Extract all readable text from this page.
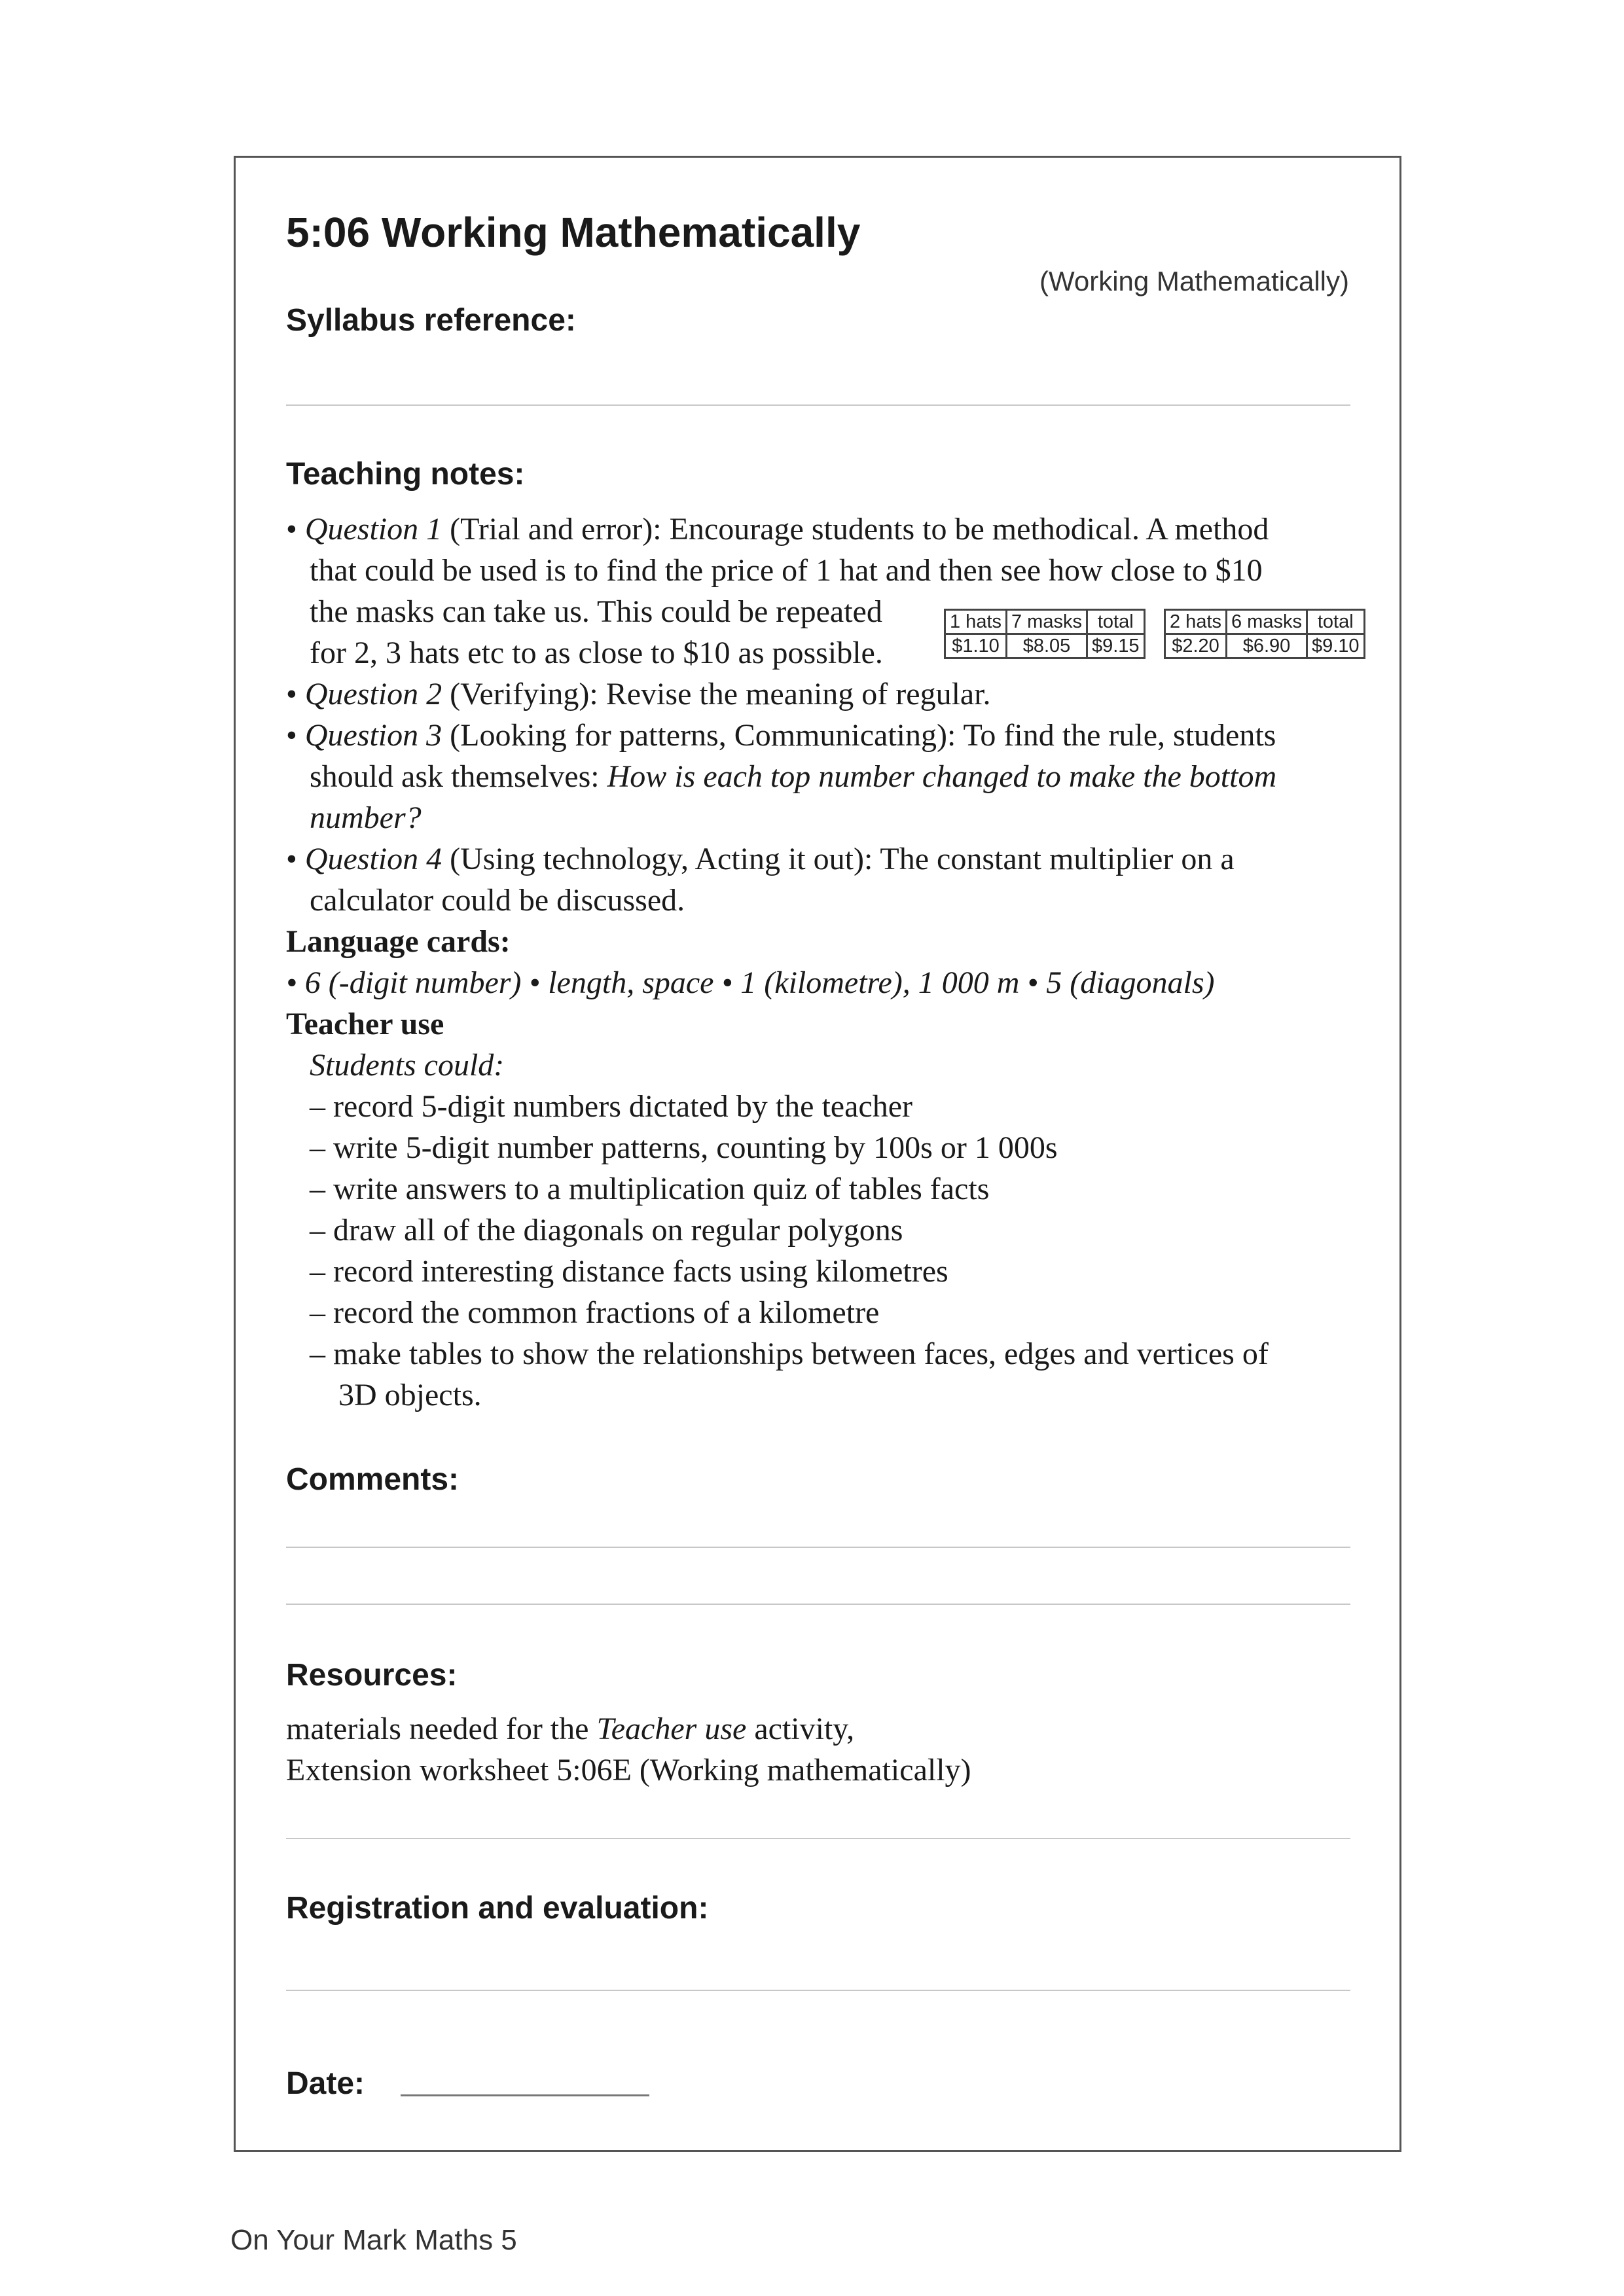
5:06 Working Mathematically
(Working Mathematically)
Syllabus reference:
Teaching notes:
• Question 1 (Trial and error): Encourage students to be methodical. A method
that could be used is to find the price of 1 hat and then see how close to $10
the masks can take us. This could be repeated
for 2, 3 hats etc to as close to $10 as possible.
• Question 2 (Verifying): Revise the meaning of regular.
• Question 3 (Looking for patterns, Communicating): To find the rule, students
should ask themselves: How is each top number changed to make the bottom
number?
• Question 4 (Using technology, Acting it out): The constant multiplier on a
calculator could be discussed.
Language cards:
• 6 (-digit number) • length, space • 1 (kilometre), 1 000 m • 5 (diagonals)
Teacher use
Students could:
– record 5-digit numbers dictated by the teacher
– write 5-digit number patterns, counting by 100s or 1 000s
– write answers to a multiplication quiz of tables facts
– draw all of the diagonals on regular polygons
– record interesting distance facts using kilometres
– record the common fractions of a kilometre
– make tables to show the relationships between faces, edges and vertices of
3D objects.
1 hats	7 masks	total
$1.10	$8.05	$9.15
2 hats	6 masks	total
$2.20	$6.90	$9.10
Comments:
Resources:
materials needed for the Teacher use activity,
Extension worksheet 5:06E (Working mathematically)
Registration and evaluation:
Date:
On Your Mark Maths 5
